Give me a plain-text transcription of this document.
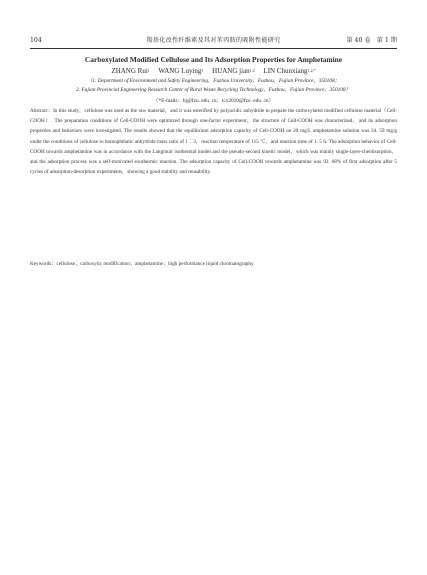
104	羧基化改性纤维素及其对苯丙胺的吸附性能研究	第 40 卷　第 1 期
Carboxylated Modified Cellulose and Its Adsorption Properties for Amphetamine
ZHANG Rui$^1$  WANG Luying$^1$  HUANG jian$^{1,2}$  LIN Chunxiang$^{1,2,*}$
（1. Department of Environment and Safety Engineering，Fuzhou University，Fuzhou，Fujian Province，350108；
2. Fujian Provincial Engineering Research Center of Rural Waste Recycling Technology，Fuzhou，Fujian Province，350108）
（*E-mails：hj@fzu. edu. cn；lcx2010@fzu. edu. cn）
Abstract：In this study，cellulose was used as the raw material，and it was esterified by polyacidic anhydride to prepare the carboxylated modified cellulose material（Cell-COOH）. The preparation conditions of Cell-COOH were optimized through one-factor experiment，the structure of Cell-COOH was characterized，and its adsorption properties and behaviors were investigated. The results showed that the equilibrium adsorption capacity of Cell-COOH on 20 mg/L amphetamine solution was 34. 59 mg/g under the conditions of cellulose to homophthalic anhydride mass ratio of 1∶3，reaction temperature of 115 ℃，and reaction time of 1. 5 h. The adsorption behavior of Cell-COOH towards amphetamine was in accordance with the Langmuir isothermal model and the pseudo-second kinetic model，which was mainly single-layer-chemisorption，and the adsorption process was a self-motivated exothermic reaction. The adsorption capacity of Cell-COOH towards amphetamine was 92. 68% of first adsorption after 5 cycles of adsorption-desorption experiments，showing a good stability and reusability.
Keywords：cellulose；carboxylic modification；amphetamine；high performance liquid chromatography
